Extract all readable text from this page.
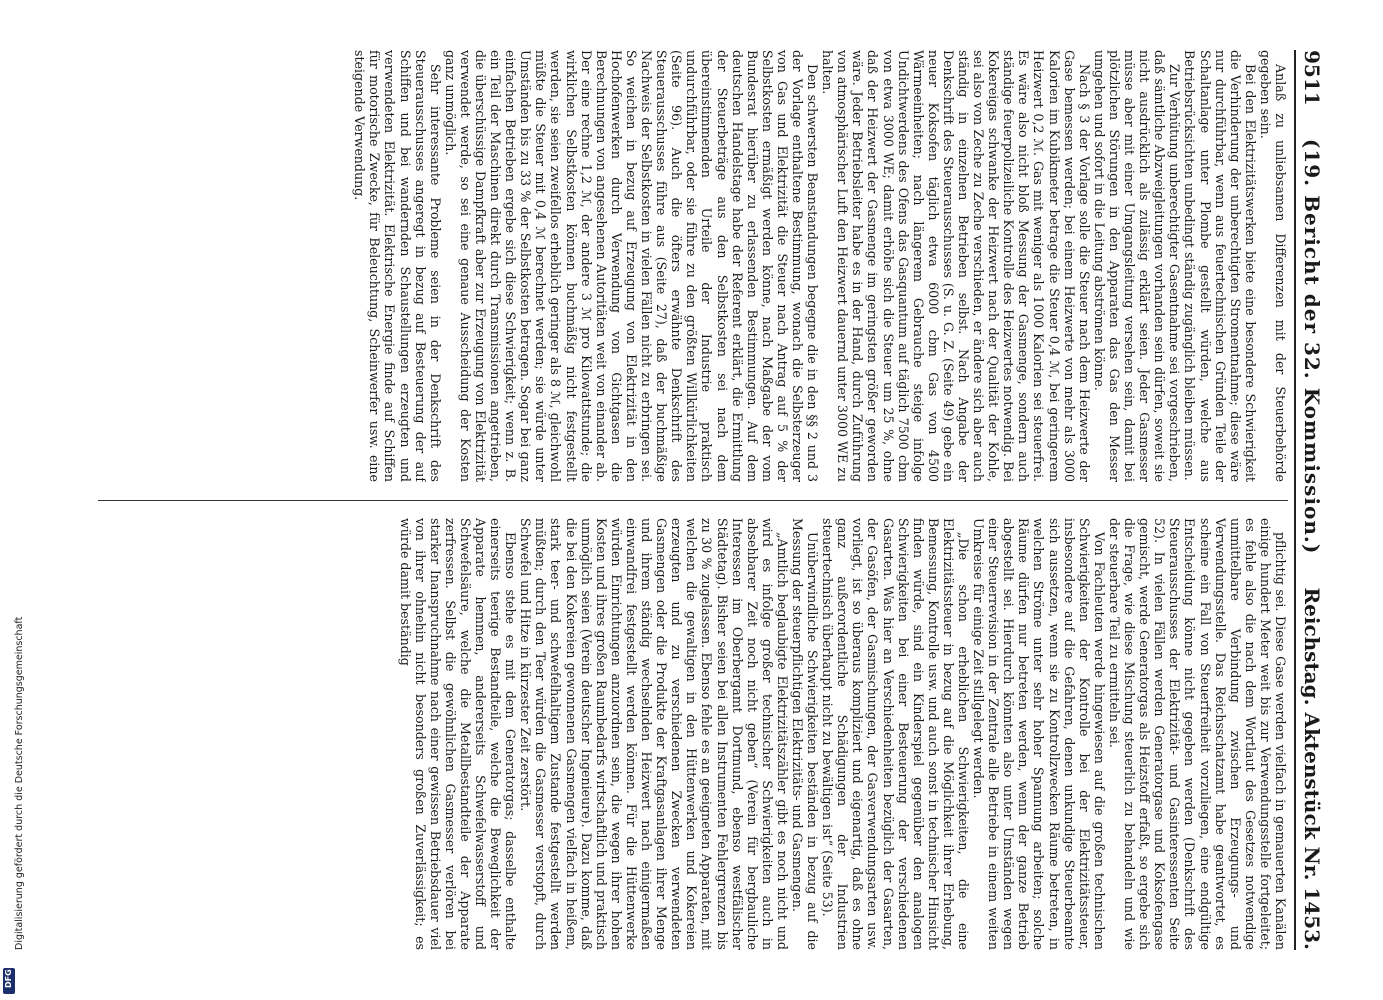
Digitalisierung gefördert durch die Deutsche Forschungsgemeinschaft
DFG
9511
(19. Bericht der 32. Kommission.)
Reichstag. Aktenstück Nr. 1453.

Anlaß zu unliebsamen Differenzen mit der Steuerbehörde gegeben sein.

Bei den Elektrizitätswerken biete eine besondere Schwierigkeit die Verhinderung der unberechtigten Stromentnahme; diese wäre nur durchführbar, wenn aus feuertechnischen Gründen Teile der Schaltanlage unter Plombe gestellt würden, welche aus Betriebsrücksichten unbedingt ständig zugänglich bleiben müssen.

Zur Verhütung unberechtigter Gasentnahme sei vorgeschrieben, daß sämtliche Abzweigleitungen vorhanden sein dürfen, soweit sie nicht ausdrücklich als zulässig erklärt seien. Jeder Gasmesser müsse aber mit einer Umgangsleitung versehen sein, damit bei plötzlichen Störungen in den Apparaten das Gas den Messer umgehen und sofort in die Leitung abströmen könne.

Nach § 3 der Vorlage solle die Steuer nach dem Heizwerte der Gase bemessen werden; bei einem Heizwerte von mehr als 3000 Kalorien im Kubikmeter betrage die Steuer 0,4 ℳ, bei geringerem Heizwert 0,2 ℳ. Gas mit weniger als 1000 Kalorien sei steuerfrei. Es wäre also nicht bloß Messung der Gasmenge, sondern auch ständige feuerpolizeiliche Kontrolle des Heizwertes notwendig. Bei Kokereigas schwanke der Heizwert nach der Qualität der Kohle, sei also von Zeche zu Zeche verschieden, er ändere sich aber auch ständig in einzelnen Betrieben selbst. Nach Angabe der Denkschrift des Steuerausschusses (S. u. G. Z. (Seite 49) gebe ein neuer Koksofen täglich etwa 6000 cbm Gas von 4500 Wärmeeinheiten; nach längerem Gebrauche steige infolge Undichtwerdens des Ofens das Gasquantum auf täglich 7500 cbm von etwa 3000 WE; damit erhöhe sich die Steuer um 25 %, ohne daß der Heizwert der Gasmenge im geringsten größer geworden wäre. Jeder Betriebsleiter habe es in der Hand, durch Zuführung von atmosphärischer Luft den Heizwert dauernd unter 3000 WE zu halten.

Den schwersten Beanstandungen begegne die in den §§ 2 und 3 der Vorlage enthaltene Bestimmung, wonach die Selbsterzeuger von Gas und Elektrizität die Steuer nach Antrag auf 5 % der Selbstkosten ermäßigt werden könne, nach Maßgabe der vom Bundesrat hierüber zu erlassenden Bestimmungen. Auf dem deutschen Handelstage habe der Referent erklärt, die Ermittlung der Steuerbeträge aus den Selbstkosten sei nach dem übereinstimmenden Urteile der Industrie praktisch undurchführbar, oder sie führe zu den größten Willkürlichkeiten (Seite 96). Auch die öfters erwähnte Denkschrift des Steuerausschusses führe aus (Seite 27), daß der buchmäßige Nachweis der Selbstkosten in vielen Fällen nicht zu erbringen sei. So weichen in bezug auf Erzeugung von Elektrizität in den Hochofenwerken durch Verwendung von Gichtgasen die Berechnungen von angesehenen Autoritäten weit von einander ab. Der eine rechne 1,2 ℳ, der andere 3 ℳ pro Kilowattstunde; die wirklichen Selbstkosten können buchmäßig nicht festgestellt werden, sie seien zweifellos erheblich geringer als 8 ℳ, gleichwohl müßte die Steuer mit 0,4 ℳ berechnet werden; sie würde unter Umständen bis zu 33 % der Selbstkosten betragen. Sogar bei ganz einfachen Betrieben ergebe sich diese Schwierigkeit; wenn z. B. ein Teil der Maschinen direkt durch Transmissionen angetrieben, die überschüssige Dampfkraft aber zur Erzeugung von Elektrizität verwendet werde, so sei eine genaue Ausscheidung der Kosten ganz unmöglich.

Sehr interessante Probleme seien in der Denkschrift des Steuerausschusses angeregt in bezug auf Besteuerung der auf Schiffen und bei wandernden Schaustellungen erzeugten und verwendeten Elektrizität. Elektrische Energie finde auf Schiffen für motorische Zwecke, für Beleuchtung, Scheinwerfer usw. eine steigende Verwendung.

pflichtig sei. Diese Gase werden vielfach in gemauerten Kanälen einige hundert Meter weit bis zur Verwendungsstelle fortgeleitet; es fehle also die nach dem Wortlaut des Gesetzes notwendige unmittelbare Verbindung zwischen Erzeugungs- und Verwendungsstelle. Das Reichsschatzamt habe geantwortet, es scheine ein Fall von Steuerfreiheit vorzuliegen, eine endgültige Entscheidung könne nicht gegeben werden (Denkschrift des Steuerausschusses der Elektrizität- und Gasinteressenten Seite 52). In vielen Fällen werden Generatorgase und Koksofengase gemischt, werde Generatorgas als Heizstoff erfaßt, so ergebe sich die Frage, wie diese Mischung steuerlich zu behandeln und wie der steuerbare Teil zu ermitteln sei.

Von Fachleuten werde hingewiesen auf die großen technischen Schwierigkeiten der Kontrolle bei der Elektrizitätssteuer, insbesondere auf die Gefahren, denen unkundige Steuerbeamte sich aussetzen, wenn sie zu Kontrollzwecken Räume betreten, in welchen Ströme unter sehr hoher Spannung arbeiten; solche Räume dürfen nur betreten werden, wenn der ganze Betrieb abgestellt sei. Hierdurch könnten also unter Umständen wegen einer Steuerrevision in der Zentrale alle Betriebe in einem weiten Umkreise für einige Zeit stillgelegt werden.

„Die schon erheblichen Schwierigkeiten, die eine Elektrizitätssteuer in bezug auf die Möglichkeit ihrer Erhebung, Bemessung, Kontrolle usw. und auch sonst in technischer Hinsicht finden würde, sind ein Kinderspiel gegenüber den analogen Schwierigkeiten bei einer Besteuerung der verschiedenen Gasarten. Was hier an Verschiedenheiten bezüglich der Gasarten, der Gasöfen, der Gasmischungen, der Gasverwendungsarten usw. vorliegt, ist so überaus kompliziert und eigenartig, daß es ohne ganz außerordentliche Schädigungen der Industrien steuertechnisch überhaupt nicht zu bewältigen ist“ (Seite 53).

Unüberwindliche Schwierigkeiten beständen in bezug auf die Messung der steuerpflichtigen Elektrizitäts- und Gasmengen.

„Amtlich beglaubigte Elektrizitätszähler gibt es noch nicht und wird es infolge großer technischer Schwierigkeiten auch in absehbarer Zeit noch nicht geben“ (Verein für bergbauliche Interessen im Oberbergamt Dortmund, ebenso westfälischer Städtetag). Bisher seien bei allen Instrumenten Fehlergrenzen bis zu 30 % zugelassen. Ebenso fehle es an geeigneten Apparaten, mit welchen die gewaltigen in den Hüttenwerken und Kokereien erzeugten und zu verschiedenen Zwecken verwendeten Gasmengen oder die Produkte der Kraftgasanlagen ihrer Menge und ihrem ständig wechselnden Heizwert nach einigermaßen einwandfrei festgestellt werden können. Für die Hüttenwerke würden Einrichtungen anzuordnen sein, die wegen ihrer hohen Kosten und ihres großen Raumbedarfs wirtschaftlich und praktisch unmöglich seien (Verein deutscher Ingenieure). Dazu komme, daß die bei den Kokereien gewonnenen Gasmengen vielfach in heißem, stark teer- und schwefelhaltigem Zustande festgestellt werden müßten; durch den Teer würden die Gasmesser verstopft, durch Schwefel und Hitze in kürzester Zeit zerstört.

Ebenso stehe es mit dem Generatorgas; dasselbe enthalte einerseits teerige Bestandteile, welche die Beweglichkeit der Apparate hemmen, andererseits Schwefelwasserstoff und Schwefelsäure, welche die Metallbestandteile der Apparate zerfressen. Selbst die gewöhnlichen Gasmesser verlören bei starker Inanspruchnahme nach einer gewissen Betriebsdauer viel von ihrer ohnehin nicht besonders großen Zuverlässigkeit; es würde damit beständig
